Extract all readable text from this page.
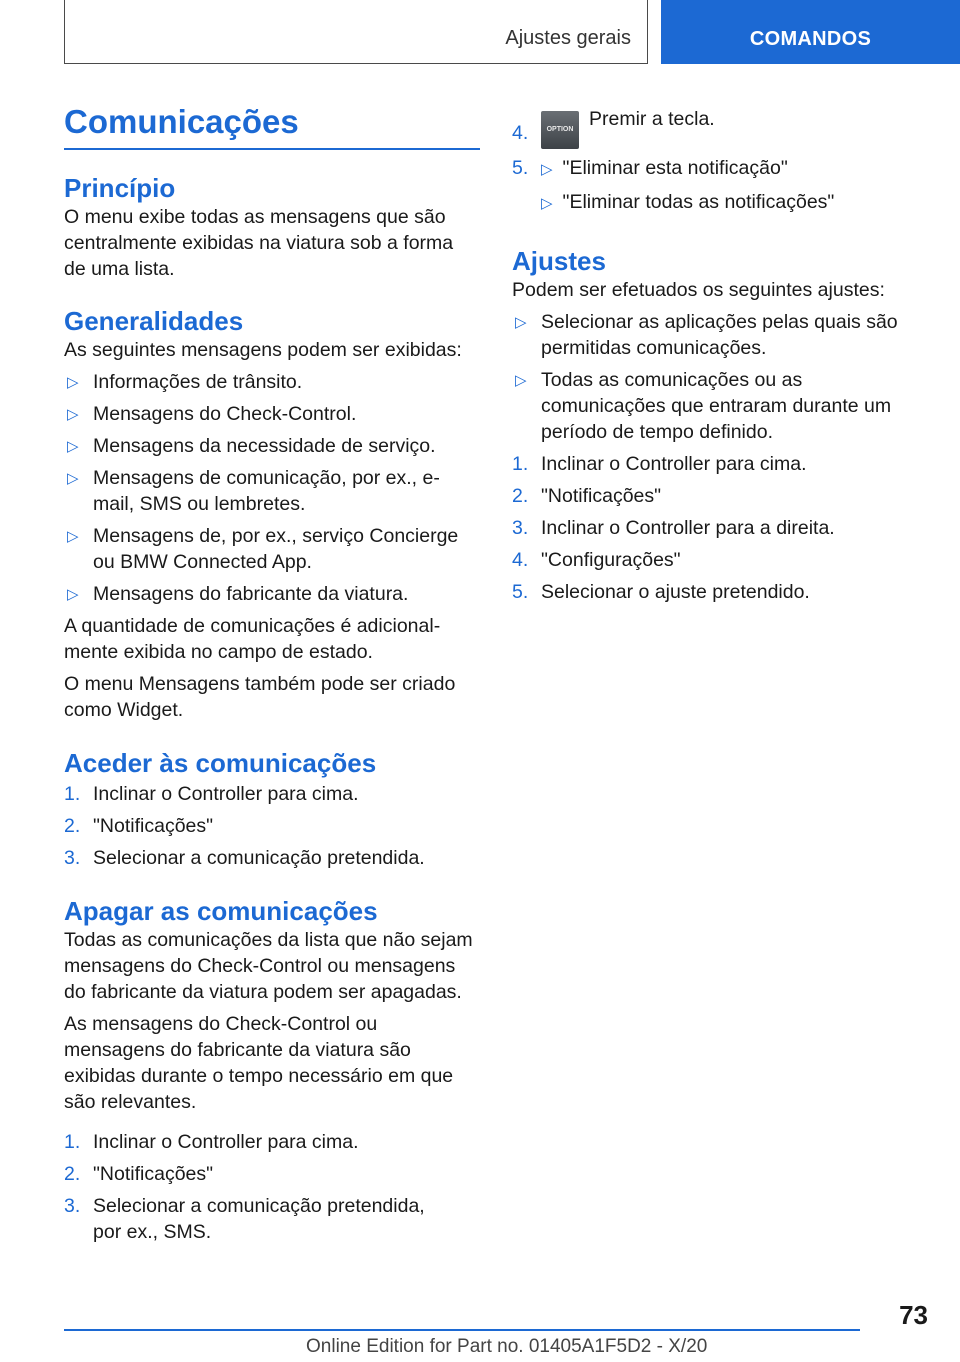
Ajustes gerais	COMANDOS
Comunicações
Princípio

O menu exibe todas as mensagens que são centralmente exibidas na viatura sob a forma de uma lista.

Generalidades

As seguintes mensagens podem ser exibidas:

▷ Informações de trânsito.
▷ Mensagens do Check-Control.
▷ Mensagens da necessidade de serviço.
▷ Mensagens de comunicação, por ex., e-mail, SMS ou lembretes.
▷ Mensagens de, por ex., serviço Concierge ou BMW Connected App.
▷ Mensagens do fabricante da viatura.

A quantidade de comunicações é adicionalmente exibida no campo de estado.

O menu Mensagens também pode ser criado como Widget.

Aceder às comunicações
1. Inclinar o Controller para cima.
2. "Notificações"
3. Selecionar a comunicação pretendida.
Apagar as comunicações

Todas as comunicações da lista que não sejam mensagens do Check-Control ou mensagens do fabricante da viatura podem ser apagadas.

As mensagens do Check-Control ou mensagens do fabricante da viatura são exibidas durante o tempo necessário em que são relevantes.

1. Inclinar o Controller para cima.
2. "Notificações"
3. Selecionar a comunicação pretendida, por ex., SMS.
4.	OPTION Premir a tecla.
5. ▷ "Eliminar esta notificação"
▷ "Eliminar todas as notificações"
Ajustes

Podem ser efetuados os seguintes ajustes:

▷ Selecionar as aplicações pelas quais são permitidas comunicações.
▷ Todas as comunicações ou as comunicações que entraram durante um período de tempo definido.
1. Inclinar o Controller para cima.
2. "Notificações"
3. Inclinar o Controller para a direita.
4. "Configurações"
5. Selecionar o ajuste pretendido.
73
Online Edition for Part no. 01405A1F5D2 - X/20
